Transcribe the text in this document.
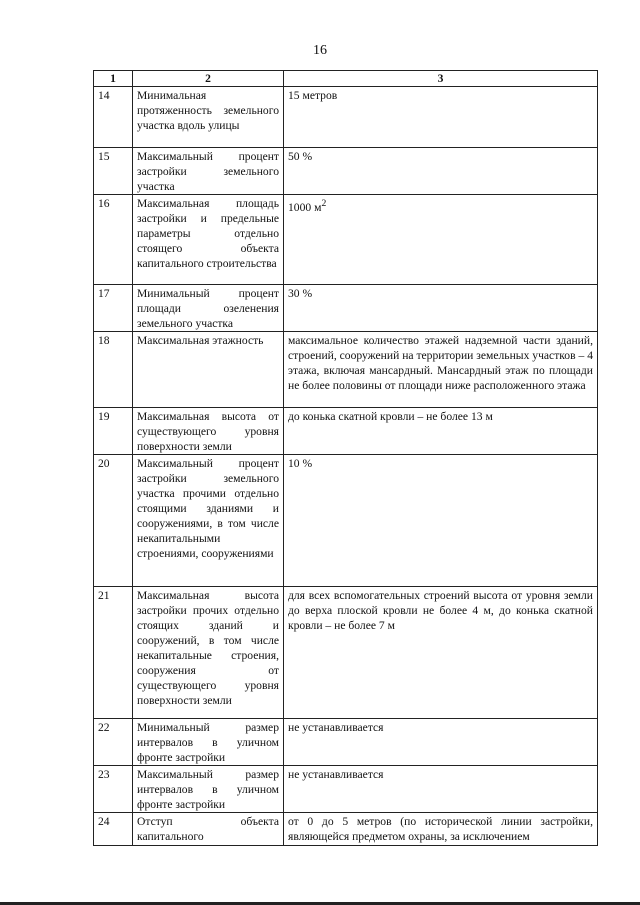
16
1	2	3
14	Минимальная протяженность земельного участка вдоль улицы	15 метров
15	Максимальный процент застройки земельного участка	50 %
16	Максимальная площадь застройки и предельные параметры отдельно стоящего объекта капитального строительства	1000 $м^2$
17	Минимальный процент площади озеленения земельного участка	30 %
18	Максимальная этажность	максимальное количество этажей надземной части зданий, строений, сооружений на территории земельных участков – 4 этажа, включая мансардный. Мансардный этаж по площади не более половины от площади ниже расположенного этажа
19	Максимальная высота от существующего уровня поверхности земли	до конька скатной кровли – не более 13 м
20	Максимальный процент застройки земельного участка прочими отдельно стоящими зданиями и сооружениями, в том числе некапитальными строениями, сооружениями	10 %
21	Максимальная высота застройки прочих отдельно стоящих зданий и сооружений, в том числе некапитальные строения, сооружения от существующего уровня поверхности земли	для всех вспомогательных строений высота от уровня земли до верха плоской кровли не более 4 м, до конька скатной кровли – не более 7 м
22	Минимальный размер интервалов в уличном фронте застройки	не устанавливается
23	Максимальный размер интервалов в уличном фронте застройки	не устанавливается
24	Отступ объекта капитального	от 0 до 5 метров (по исторической линии застройки, являющейся предметом охраны, за исключением
